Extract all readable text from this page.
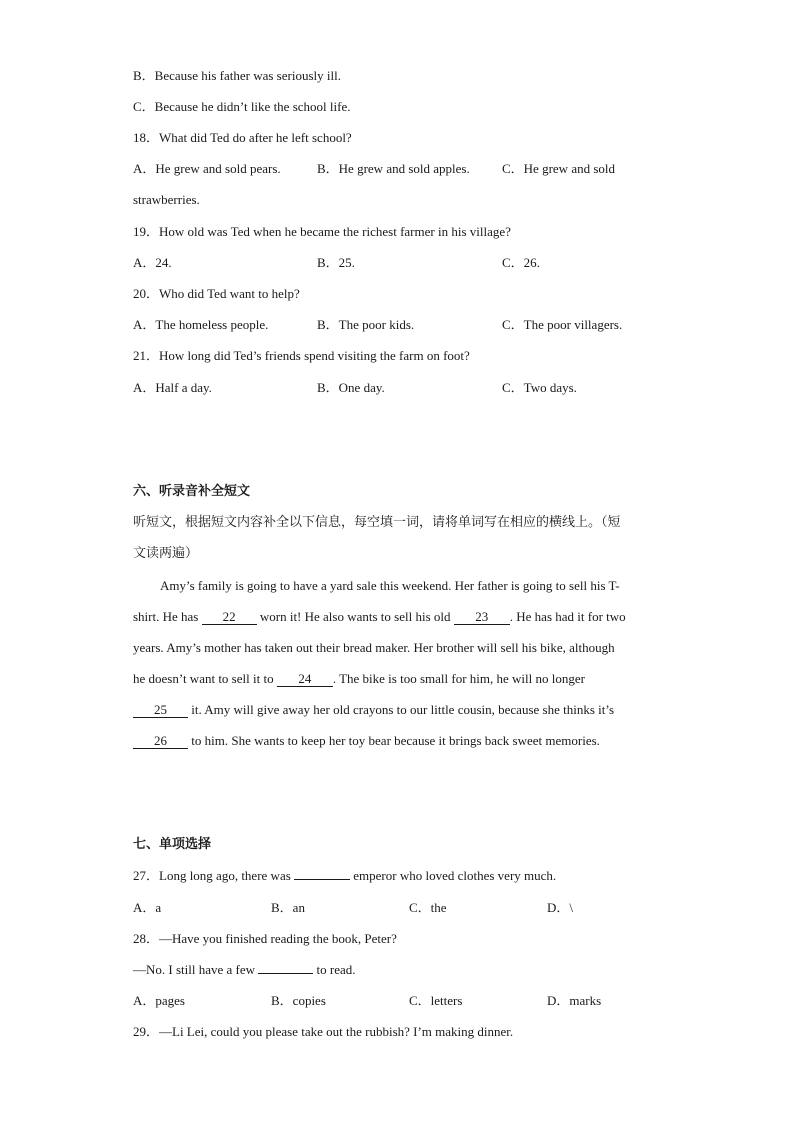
B．Because his father was seriously ill.
C．Because he didn’t like the school life.
18．What did Ted do after he left school?
A．He grew and sold pears.	B．He grew and sold apples. C．He grew and sold
strawberries.
19．How old was Ted when he became the richest farmer in his village?
A．24.	B．25.	C．26.
20．Who did Ted want to help?
A．The homeless people.	B．The poor kids.	C．The poor villagers.
21．How long did Ted’s friends spend visiting the farm on foot?
A．Half a day.	B．One day.	C．Two days.
六、听录音补全短文
听短文，根据短文内容补全以下信息，每空填一词，请将单词写在相应的横线上。（短
文读两遍）
Amy’s family is going to have a yard sale this weekend. Her father is going to sell his T-
shirt. He has 22 worn it! He also wants to sell his old 23 . He has had it for two
years. Amy’s mother has taken out their bread maker. Her brother will sell his bike, although
he doesn’t want to sell it to 24 . The bike is too small for him, he will no longer
25 it. Amy will give away her old crayons to our little cousin, because she thinks it’s
26 to him. She wants to keep her toy bear because it brings back sweet memories.
七、单项选择
27．Long long ago, there was	emperor who loved clothes very much.
A．a	B．an	C．the	D．\
28．—Have you finished reading the book, Peter?
—No. I still have a few	to read.
A．pages	B．copies	C．letters	D．marks
29．—Li Lei, could you please take out the rubbish? I’m making dinner.
